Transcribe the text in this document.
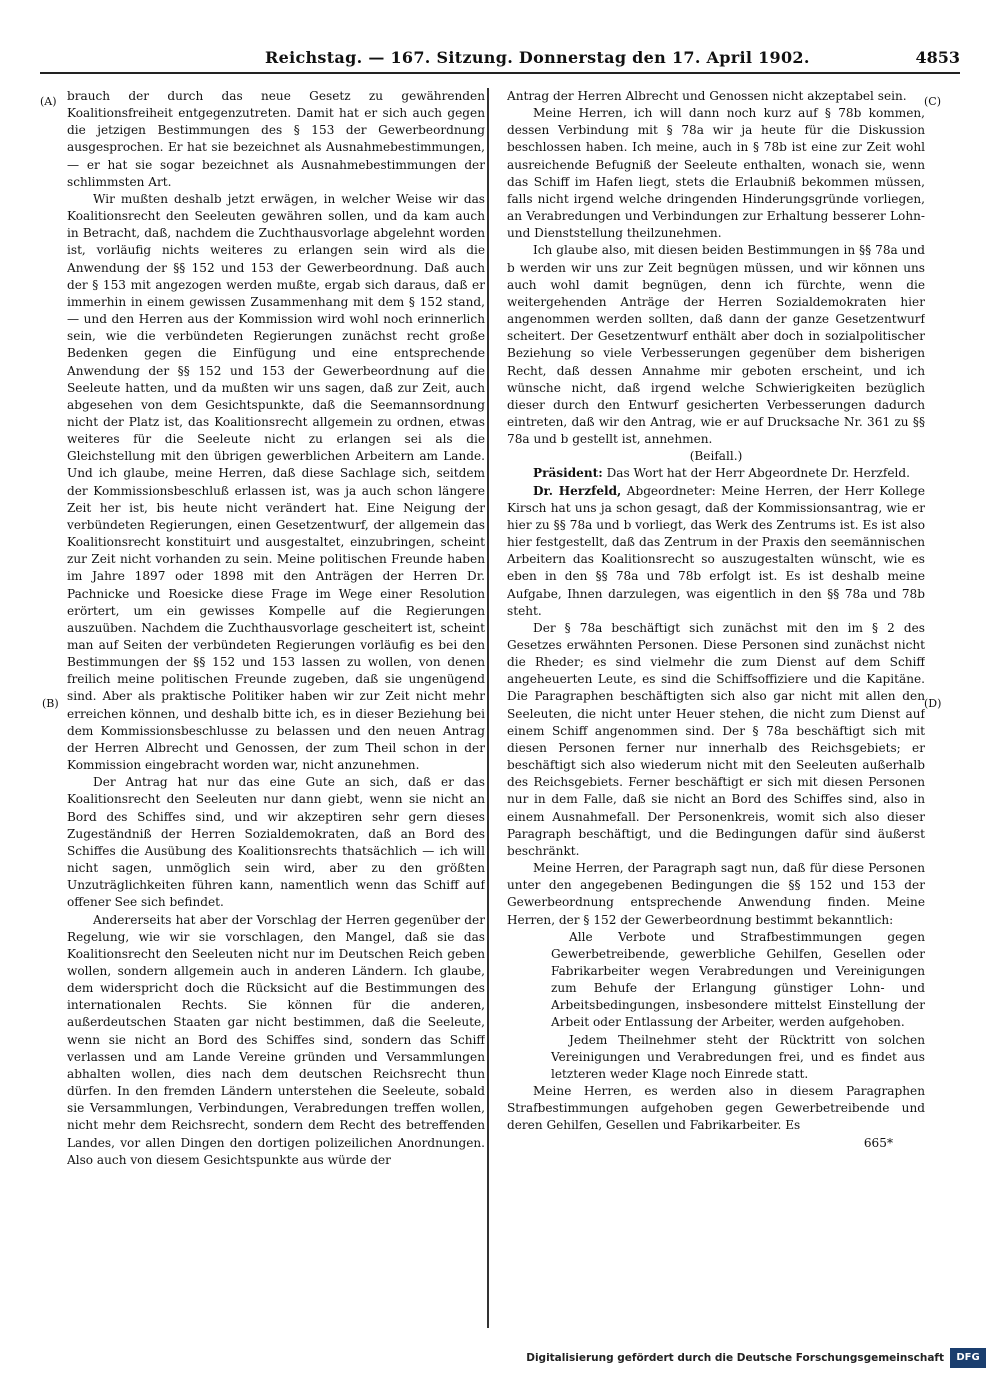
Reichstag. — 167. Sitzung. Donnerstag den 17. April 1902.	4853
(A)
(B)
(C)
(D)

brauch der durch das neue Gesetz zu gewährenden Koalitionsfreiheit entgegenzutreten. Damit hat er sich auch gegen die jetzigen Bestimmungen des § 153 der Gewerbeordnung ausgesprochen. Er hat sie bezeichnet als Ausnahmebestimmungen, — er hat sie sogar bezeichnet als Ausnahmebestimmungen der schlimmsten Art.

Wir mußten deshalb jetzt erwägen, in welcher Weise wir das Koalitionsrecht den Seeleuten gewähren sollen, und da kam auch in Betracht, daß, nachdem die Zuchthausvorlage abgelehnt worden ist, vorläufig nichts weiteres zu erlangen sein wird als die Anwendung der §§ 152 und 153 der Gewerbeordnung. Daß auch der § 153 mit angezogen werden mußte, ergab sich daraus, daß er immerhin in einem gewissen Zusammenhang mit dem § 152 stand, — und den Herren aus der Kommission wird wohl noch erinnerlich sein, wie die verbündeten Regierungen zunächst recht große Bedenken gegen die Einfügung und eine entsprechende Anwendung der §§ 152 und 153 der Gewerbeordnung auf die Seeleute hatten, und da mußten wir uns sagen, daß zur Zeit, auch abgesehen von dem Gesichtspunkte, daß die Seemannsordnung nicht der Platz ist, das Koalitionsrecht allgemein zu ordnen, etwas weiteres für die Seeleute nicht zu erlangen sei als die Gleichstellung mit den übrigen gewerblichen Arbeitern am Lande. Und ich glaube, meine Herren, daß diese Sachlage sich, seitdem der Kommissionsbeschluß erlassen ist, was ja auch schon längere Zeit her ist, bis heute nicht verändert hat. Eine Neigung der verbündeten Regierungen, einen Gesetzentwurf, der allgemein das Koalitionsrecht konstituirt und ausgestaltet, einzubringen, scheint zur Zeit nicht vorhanden zu sein. Meine politischen Freunde haben im Jahre 1897 oder 1898 mit den Anträgen der Herren Dr. Pachnicke und Roesicke diese Frage im Wege einer Resolution erörtert, um ein gewisses Kompelle auf die Regierungen auszuüben. Nachdem die Zuchthausvorlage gescheitert ist, scheint man auf Seiten der verbündeten Regierungen vorläufig es bei den Bestimmungen der §§ 152 und 153 lassen zu wollen, von denen freilich meine politischen Freunde zugeben, daß sie ungenügend sind. Aber als praktische Politiker haben wir zur Zeit nicht mehr erreichen können, und deshalb bitte ich, es in dieser Beziehung bei dem Kommissionsbeschlusse zu belassen und den neuen Antrag der Herren Albrecht und Genossen, der zum Theil schon in der Kommission eingebracht worden war, nicht anzunehmen.

Der Antrag hat nur das eine Gute an sich, daß er das Koalitionsrecht den Seeleuten nur dann giebt, wenn sie nicht an Bord des Schiffes sind, und wir akzeptiren sehr gern dieses Zugeständniß der Herren Sozialdemokraten, daß an Bord des Schiffes die Ausübung des Koalitionsrechts thatsächlich — ich will nicht sagen, unmöglich sein wird, aber zu den größten Unzuträglichkeiten führen kann, namentlich wenn das Schiff auf offener See sich befindet.

Andererseits hat aber der Vorschlag der Herren gegenüber der Regelung, wie wir sie vorschlagen, den Mangel, daß sie das Koalitionsrecht den Seeleuten nicht nur im Deutschen Reich geben wollen, sondern allgemein auch in anderen Ländern. Ich glaube, dem widerspricht doch die Rücksicht auf die Bestimmungen des internationalen Rechts. Sie können für die anderen, außerdeutschen Staaten gar nicht bestimmen, daß die Seeleute, wenn sie nicht an Bord des Schiffes sind, sondern das Schiff verlassen und am Lande Vereine gründen und Versammlungen abhalten wollen, dies nach dem deutschen Reichsrecht thun dürfen. In den fremden Ländern unterstehen die Seeleute, sobald sie Versammlungen, Verbindungen, Verabredungen treffen wollen, nicht mehr dem Reichsrecht, sondern dem Recht des betreffenden Landes, vor allen Dingen den dortigen polizeilichen Anordnungen. Also auch von diesem Gesichtspunkte aus würde der

Antrag der Herren Albrecht und Genossen nicht akzeptabel sein.

Meine Herren, ich will dann noch kurz auf § 78b kommen, dessen Verbindung mit § 78a wir ja heute für die Diskussion beschlossen haben. Ich meine, auch in § 78b ist eine zur Zeit wohl ausreichende Befugniß der Seeleute enthalten, wonach sie, wenn das Schiff im Hafen liegt, stets die Erlaubniß bekommen müssen, falls nicht irgend welche dringenden Hinderungsgründe vorliegen, an Verabredungen und Verbindungen zur Erhaltung besserer Lohn- und Dienststellung theilzunehmen.

Ich glaube also, mit diesen beiden Bestimmungen in §§ 78a und b werden wir uns zur Zeit begnügen müssen, und wir können uns auch wohl damit begnügen, denn ich fürchte, wenn die weitergehenden Anträge der Herren Sozialdemokraten hier angenommen werden sollten, daß dann der ganze Gesetzentwurf scheitert. Der Gesetzentwurf enthält aber doch in sozialpolitischer Beziehung so viele Verbesserungen gegenüber dem bisherigen Recht, daß dessen Annahme mir geboten erscheint, und ich wünsche nicht, daß irgend welche Schwierigkeiten bezüglich dieser durch den Entwurf gesicherten Verbesserungen dadurch eintreten, daß wir den Antrag, wie er auf Drucksache Nr. 361 zu §§ 78a und b gestellt ist, annehmen.

(Beifall.)

Präsident: Das Wort hat der Herr Abgeordnete Dr. Herzfeld.

Dr. Herzfeld, Abgeordneter: Meine Herren, der Herr Kollege Kirsch hat uns ja schon gesagt, daß der Kommissionsantrag, wie er hier zu §§ 78a und b vorliegt, das Werk des Zentrums ist. Es ist also hier festgestellt, daß das Zentrum in der Praxis den seemännischen Arbeitern das Koalitionsrecht so auszugestalten wünscht, wie es eben in den §§ 78a und 78b erfolgt ist. Es ist deshalb meine Aufgabe, Ihnen darzulegen, was eigentlich in den §§ 78a und 78b steht.

Der § 78a beschäftigt sich zunächst mit den im § 2 des Gesetzes erwähnten Personen. Diese Personen sind zunächst nicht die Rheder; es sind vielmehr die zum Dienst auf dem Schiff angeheuerten Leute, es sind die Schiffsoffiziere und die Kapitäne. Die Paragraphen beschäftigten sich also gar nicht mit allen den Seeleuten, die nicht unter Heuer stehen, die nicht zum Dienst auf einem Schiff angenommen sind. Der § 78a beschäftigt sich mit diesen Personen ferner nur innerhalb des Reichsgebiets; er beschäftigt sich also wiederum nicht mit den Seeleuten außerhalb des Reichsgebiets. Ferner beschäftigt er sich mit diesen Personen nur in dem Falle, daß sie nicht an Bord des Schiffes sind, also in einem Ausnahmefall. Der Personenkreis, womit sich also dieser Paragraph beschäftigt, und die Bedingungen dafür sind äußerst beschränkt.

Meine Herren, der Paragraph sagt nun, daß für diese Personen unter den angegebenen Bedingungen die §§ 152 und 153 der Gewerbeordnung entsprechende Anwendung finden. Meine Herren, der § 152 der Gewerbeordnung bestimmt bekanntlich:

Alle Verbote und Strafbestimmungen gegen Gewerbetreibende, gewerbliche Gehilfen, Gesellen oder Fabrikarbeiter wegen Verabredungen und Vereinigungen zum Behufe der Erlangung günstiger Lohn- und Arbeitsbedingungen, insbesondere mittelst Einstellung der Arbeit oder Entlassung der Arbeiter, werden aufgehoben.

Jedem Theilnehmer steht der Rücktritt von solchen Vereinigungen und Verabredungen frei, und es findet aus letzteren weder Klage noch Einrede statt.

Meine Herren, es werden also in diesem Paragraphen Strafbestimmungen aufgehoben gegen Gewerbetreibende und deren Gehilfen, Gesellen und Fabrikarbeiter. Es

665*

Digitalisierung gefördert durch die Deutsche Forschungsgemeinschaft	DFG
